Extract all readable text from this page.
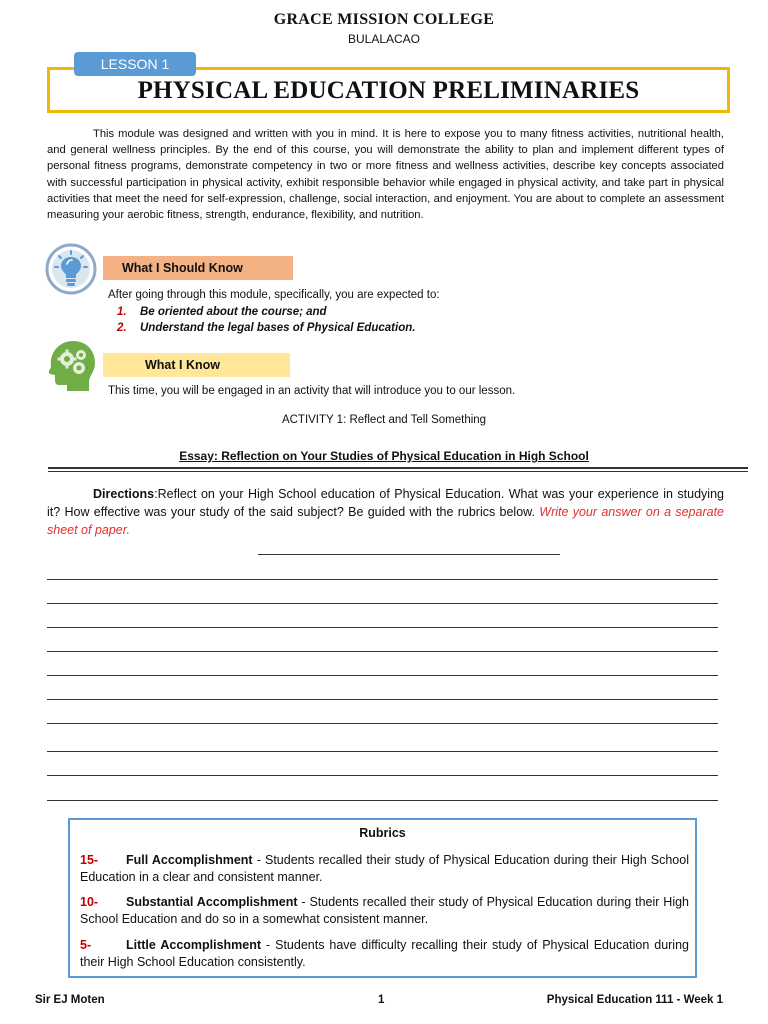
GRACE MISSION COLLEGE
BULALACAO
LESSON 1
PHYSICAL EDUCATION PRELIMINARIES

This module was designed and written with you in mind. It is here to expose you to many fitness activities, nutritional health, and general wellness principles. By the end of this course, you will demonstrate the ability to plan and implement different types of personal fitness programs, demonstrate competency in two or more fitness and wellness activities, describe key concepts associated with successful participation in physical activity, exhibit responsible behavior while engaged in physical activity, and take part in physical activities that meet the need for self-expression, challenge, social interaction, and enjoyment. You are about to complete an assessment measuring your aerobic fitness, strength, endurance, flexibility, and nutrition.

What I Should Know
After going through this module, specifically, you are expected to:
1. Be oriented about the course; and
2. Understand the legal bases of Physical Education.
What I Know
This time, you will be engaged in an activity that will introduce you to our lesson.
ACTIVITY 1: Reflect and Tell Something
Essay: Reflection on Your Studies of Physical Education in High School

Directions:Reflect on your High School education of Physical Education. What was your experience in studying it? How effective was your study of the said subject? Be guided with the rubrics below. Write your answer on a separate sheet of paper.

Rubrics

15- Full Accomplishment - Students recalled their study of Physical Education during their High School Education in a clear and consistent manner.

10- Substantial Accomplishment - Students recalled their study of Physical Education during their High School Education and do so in a somewhat consistent manner.

5-	Little Accomplishment - Students have difficulty recalling their study of Physical Education during their High School Education consistently.

Sir EJ Moten	1	Physical Education 111 - Week 1
